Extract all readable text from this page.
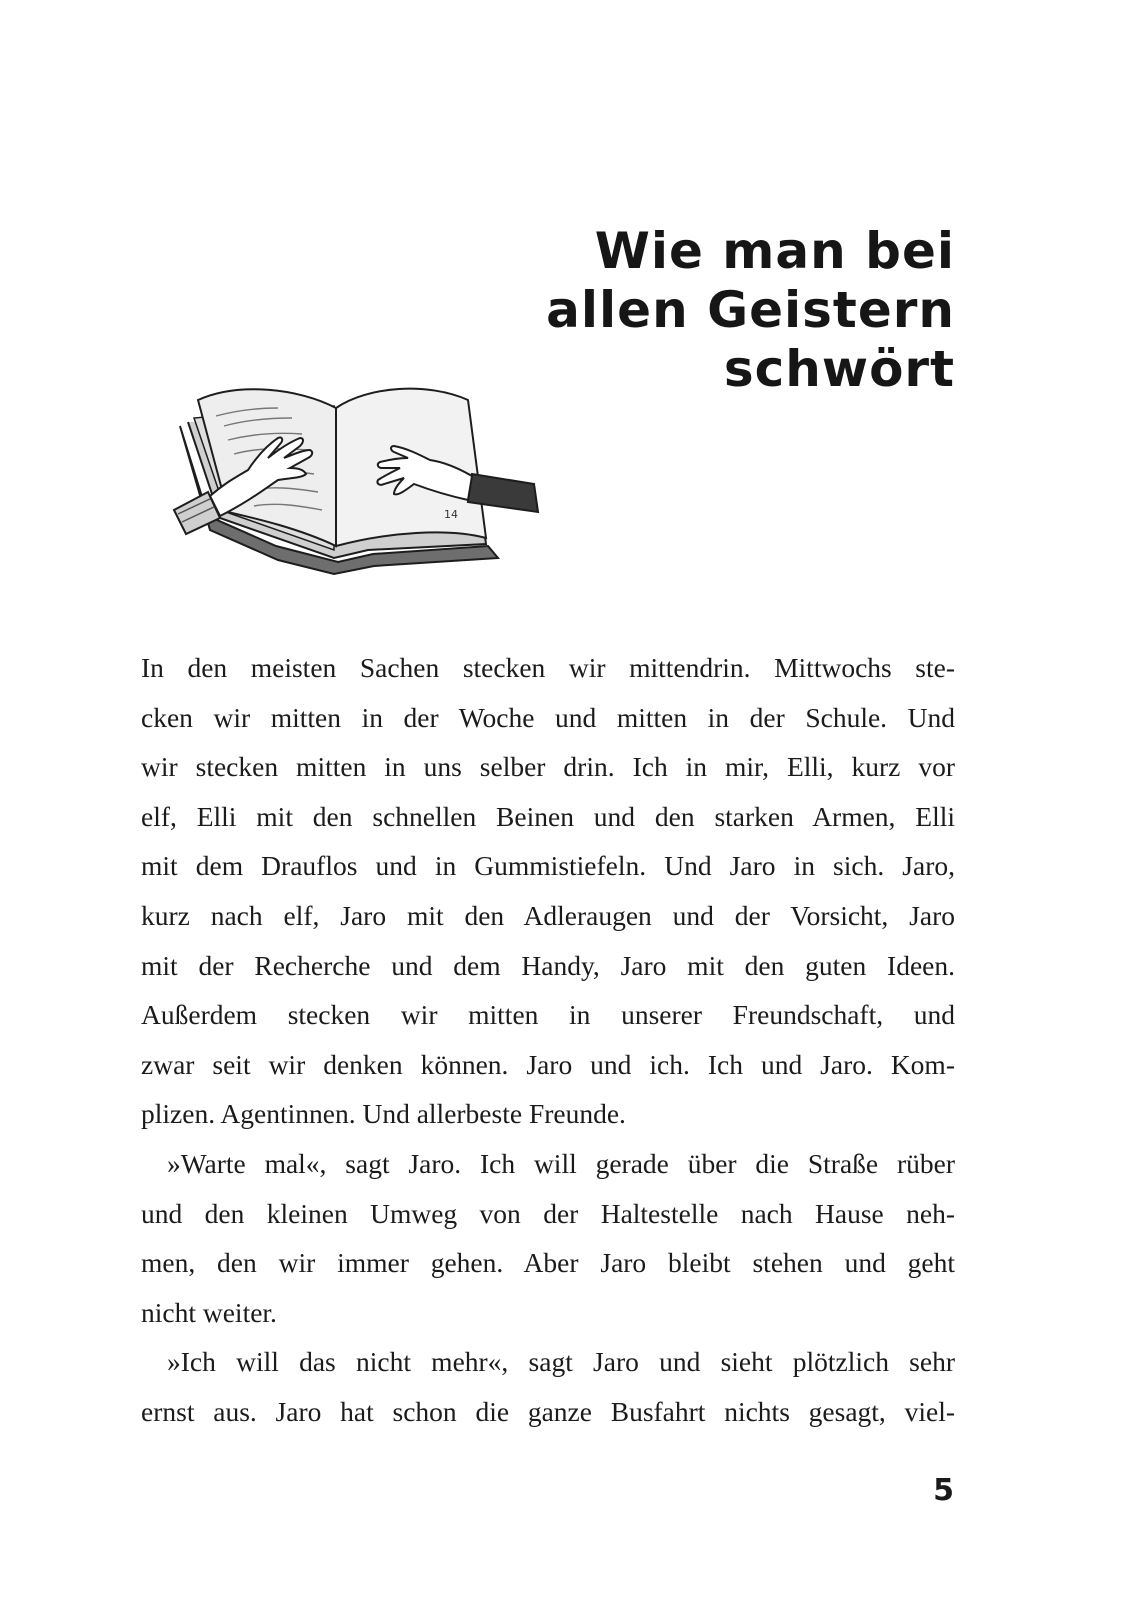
Wie man bei
allen Geistern
schwört
14

In den meisten Sachen stecken wir mittendrin. Mittwochs ste-
cken wir mitten in der Woche und mitten in der Schule. Und
wir stecken mitten in uns selber drin. Ich in mir, Elli, kurz vor
elf, Elli mit den schnellen Beinen und den starken Armen, Elli
mit dem Drauflos und in Gummistiefeln. Und Jaro in sich. Jaro,
kurz nach elf, Jaro mit den Adleraugen und der Vorsicht, Jaro
mit der Recherche und dem Handy, Jaro mit den guten Ideen.
Außerdem stecken wir mitten in unserer Freundschaft, und
zwar seit wir denken können. Jaro und ich. Ich und Jaro. Kom-
plizen. Agentinnen. Und allerbeste Freunde.

»Warte mal«, sagt Jaro. Ich will gerade über die Straße rüber
und den kleinen Umweg von der Haltestelle nach Hause neh-
men, den wir immer gehen. Aber Jaro bleibt stehen und geht
nicht weiter.

»Ich will das nicht mehr«, sagt Jaro und sieht plötzlich sehr
ernst aus. Jaro hat schon die ganze Busfahrt nichts gesagt, viel-

5
